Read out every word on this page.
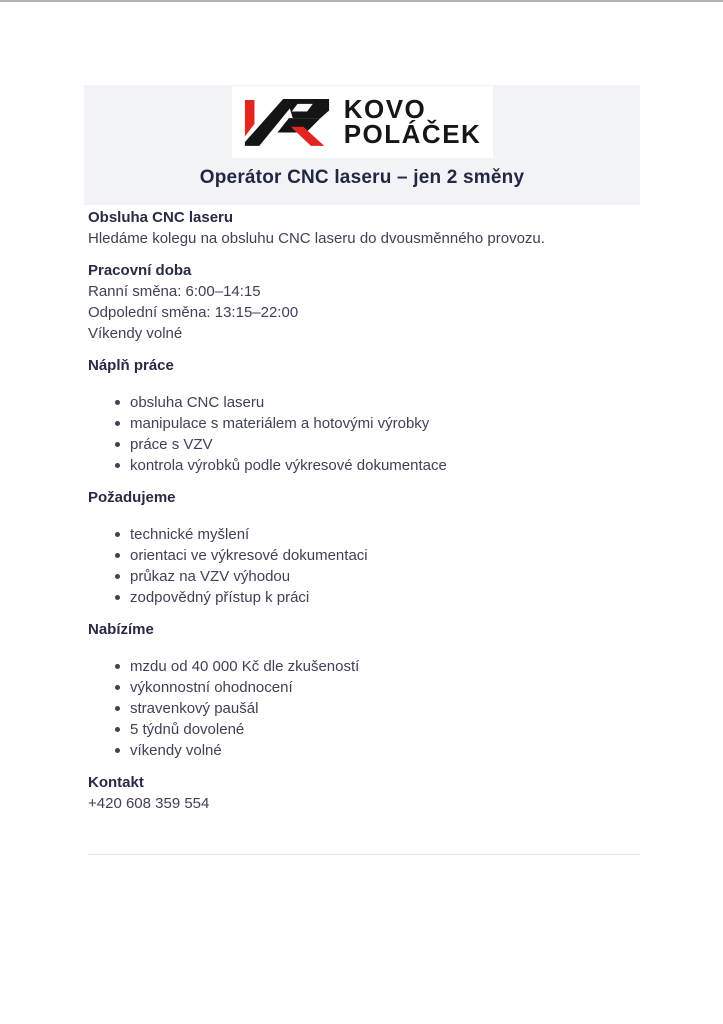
KOVO
POLÁČEK
Operátor CNC laseru – jen 2 směny

Obsluha CNC laseru

Hledáme kolegu na obsluhu CNC laseru do dvousměnného provozu.

Pracovní doba

Ranní směna: 6:00–14:15

Odpolední směna: 13:15–22:00

Víkendy volné

Náplň práce

obsluha CNC laseru
manipulace s materiálem a hotovými výrobky
práce s VZV
kontrola výrobků podle výkresové dokumentace

Požadujeme

technické myšlení
orientaci ve výkresové dokumentaci
průkaz na VZV výhodou
zodpovědný přístup k práci

Nabízíme

mzdu od 40 000 Kč dle zkušeností
výkonnostní ohodnocení
stravenkový paušál
5 týdnů dovolené
víkendy volné

Kontakt

+420 608 359 554
